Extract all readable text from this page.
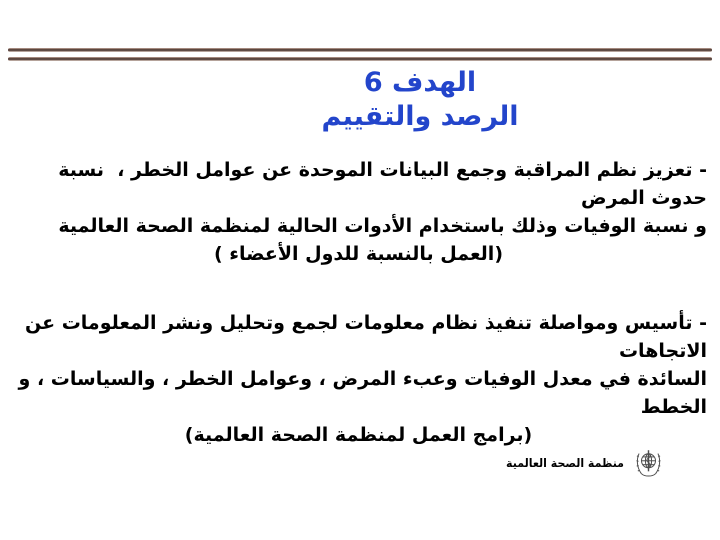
الهدف 6
الرصد والتقييم
- تعزيز نظم المراقبة وجمع البيانات الموحدة عن عوامل الخطر ،  نسبة حدوث المرض
و نسبة الوفيات وذلك باستخدام الأدوات الحالية لمنظمة الصحة العالمية
(العمل بالنسبة للدول الأعضاء )
- تأسيس ومواصلة تنفيذ نظام معلومات لجمع وتحليل ونشر المعلومات عن الاتجاهات
السائدة في معدل الوفيات وعبء المرض ، وعوامل الخطر ، والسياسات ، و الخطط
(برامج العمل لمنظمة الصحة العالمية)
منظمة الصحة العالمية
